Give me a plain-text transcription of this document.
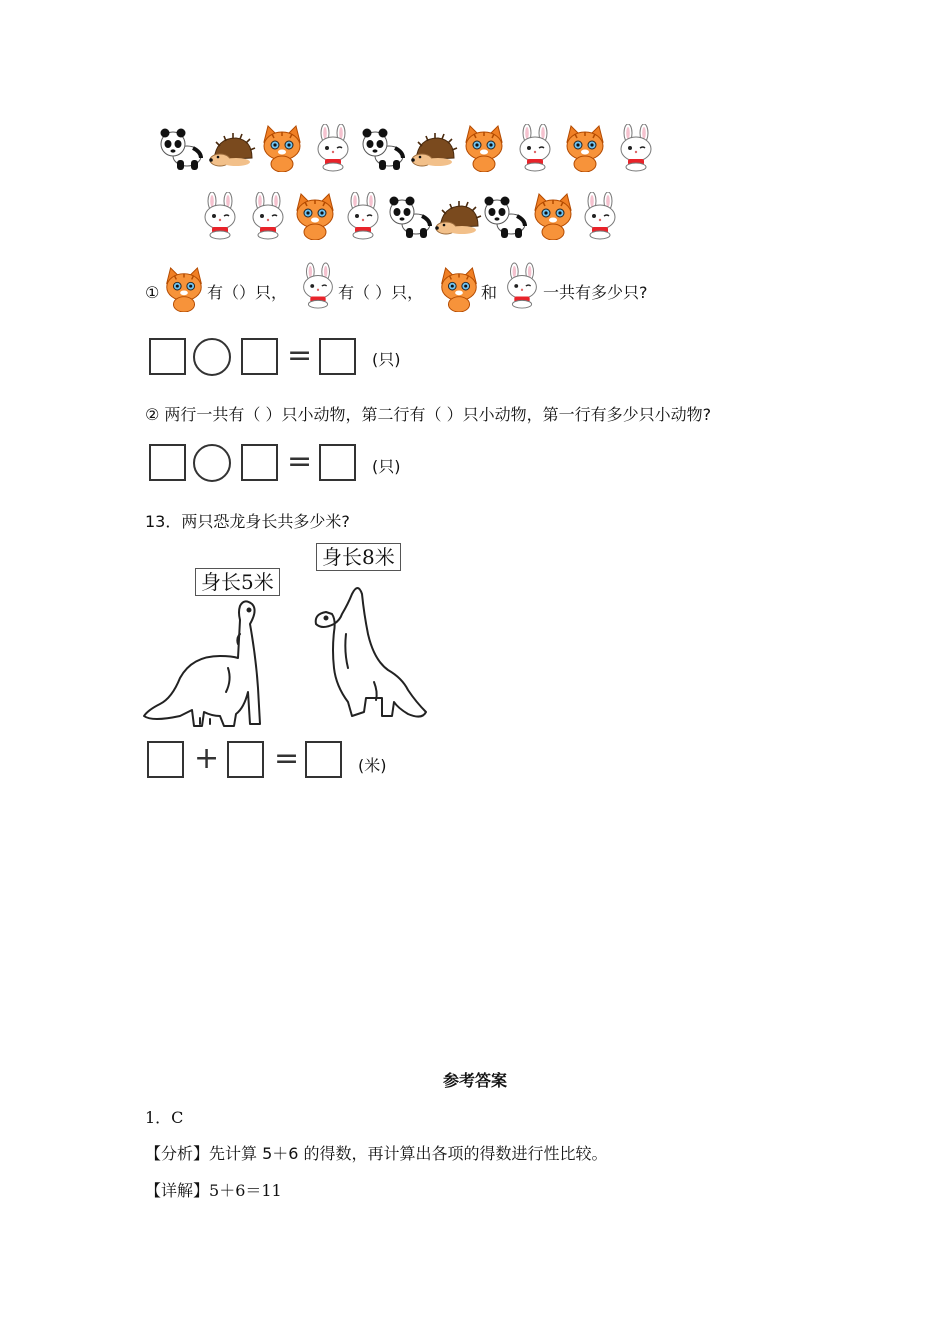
①	有（）只，	有（ ）只，	和	一共有多少只?
=	(只)
② 两行一共有（ ）只小动物，第二行有（ ）只小动物，第一行有多少只小动物?
=	(只)
13．两只恐龙身长共多少米?
身长5米
身长8米
+ =	(米)
参考答案
1．C
【分析】先计算 5＋6 的得数，再计算出各项的得数进行性比较。
【详解】5＋6＝11
